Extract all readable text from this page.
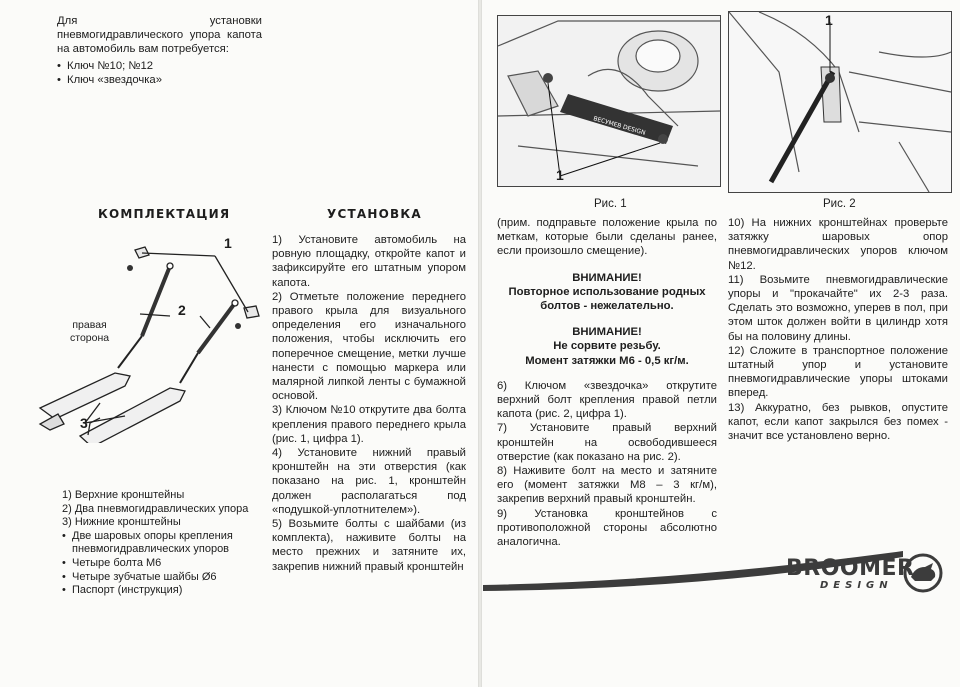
Для установки пневмогидравлического упора капота на автомобиль вам потребуется:
• Ключ №10; №12
• Ключ «звездочка»
КОМПЛЕКТАЦИЯ	УСТАНОВКА
1
2
3
правая
сторона
1) Верхние кронштейны
2) Два пневмогидравлических упора
3) Нижние кронштейны
• Две шаровых опоры крепления пневмогидравлических упоров
• Четыре болта М6
• Четыре зубчатые шайбы Ø6
• Паспорт (инструкция)

1) Установите автомобиль на ровную площадку, откройте капот и зафиксируйте его штатным упором капота.

2) Отметьте положение переднего правого крыла для визуального определения его изначального положения, чтобы исключить его поперечное смещение, метки лучше нанести с помощью маркера или малярной липкой ленты с бумажной основой.

3) Ключом №10 открутите два болта крепления правого переднего крыла (рис. 1, цифра 1).

4) Установите нижний правый кронштейн на эти отверстия (как показано на рис. 1, кронштейн должен располагаться под «подушкой-уплотнителем»).

5) Возьмите болты с шайбами (из комплекта), наживите болты на место прежних и затяните их, закрепив нижний правый кронштейн

ВЕСУМЕВ DESIGN
1
Рис. 1
1
Рис. 2

(прим. подправьте положение крыла по меткам, которые были сделаны ранее, если произошло смещение).

ВНИМАНИЕ!
Повторное использование родных болтов - нежелательно.
ВНИМАНИЕ!
Не сорвите резьбу.
Момент затяжки М6 - 0,5 кг/м.

6) Ключом «звездочка» открутите верхний болт крепления правой петли капота (рис. 2, цифра 1).

7) Установите правый верхний кронштейн на освободившееся отверстие (как показано на рис. 2).

8) Наживите болт на место и затяните его (момент затяжки М8 – 3 кг/м), закрепив верхний правый кронштейн.

9) Установка кронштейнов с противоположной стороны абсолютно аналогична.

10) На нижних кронштейнах проверьте затяжку шаровых опор пневмогидравлических упоров ключом №12.

11) Возьмите пневмогидравлические упоры и "прокачайте" их 2-3 раза. Сделать это возможно, уперев в пол, при этом шток должен войти в цилиндр хотя бы на половину длины.

12) Сложите в транспортное положение штатный упор и установите пневмогидравлические упоры штоками вперед.

13) Аккуратно, без рывков, опустите капот, если капот закрылся без помех - значит все установлено верно.

BROOMER
DESIGN
